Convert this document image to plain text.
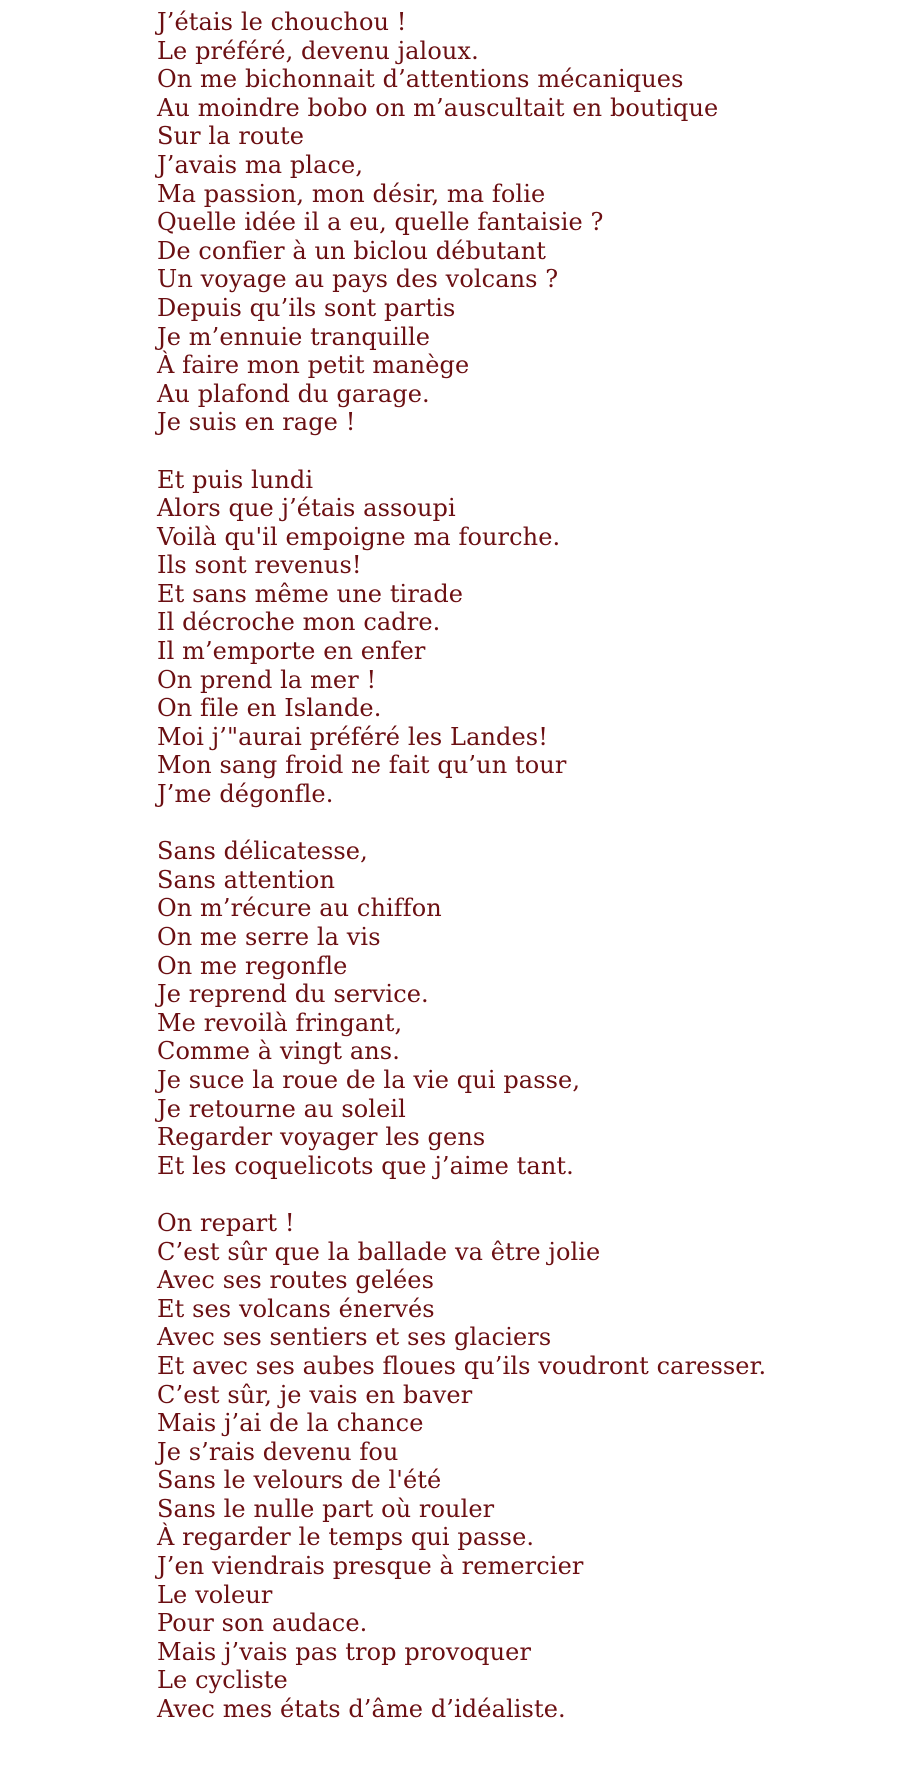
J’étais le chouchou !
Le préféré, devenu jaloux.
On me bichonnait d’attentions mécaniques
Au moindre bobo on m’auscultait en boutique
Sur la route
J’avais ma place,
Ma passion, mon désir, ma folie
Quelle idée il a eu, quelle fantaisie ?
De confier à un biclou débutant
Un voyage au pays des volcans ?
Depuis qu’ils sont partis
Je m’ennuie tranquille
À faire mon petit manège
Au plafond du garage.
Je suis en rage !
Et puis lundi
Alors que j’étais assoupi
Voilà qu'il empoigne ma fourche.
Ils sont revenus!
Et sans même une tirade
Il décroche mon cadre.
Il m’emporte en enfer
On prend la mer !
On file en Islande.
Moi j’"aurai préféré les Landes!
Mon sang froid ne fait qu’un tour
J’me dégonfle.
Sans délicatesse,
Sans attention
On m’récure au chiffon
On me serre la vis
On me regonfle
Je reprend du service.
Me revoilà fringant,
Comme à vingt ans.
Je suce la roue de la vie qui passe,
Je retourne au soleil
Regarder voyager les gens
Et les coquelicots que j’aime tant.
On repart !
C’est sûr que la ballade va être jolie
Avec ses routes gelées
Et ses volcans énervés
Avec ses sentiers et ses glaciers
Et avec ses aubes floues qu’ils voudront caresser.
C’est sûr, je vais en baver
Mais j’ai de la chance
Je s’rais devenu fou
Sans le velours de l'été
Sans le nulle part où rouler
À regarder le temps qui passe.
J’en viendrais presque à remercier
Le voleur
Pour son audace.
Mais j’vais pas trop provoquer
Le cycliste
Avec mes états d’âme d’idéaliste.
